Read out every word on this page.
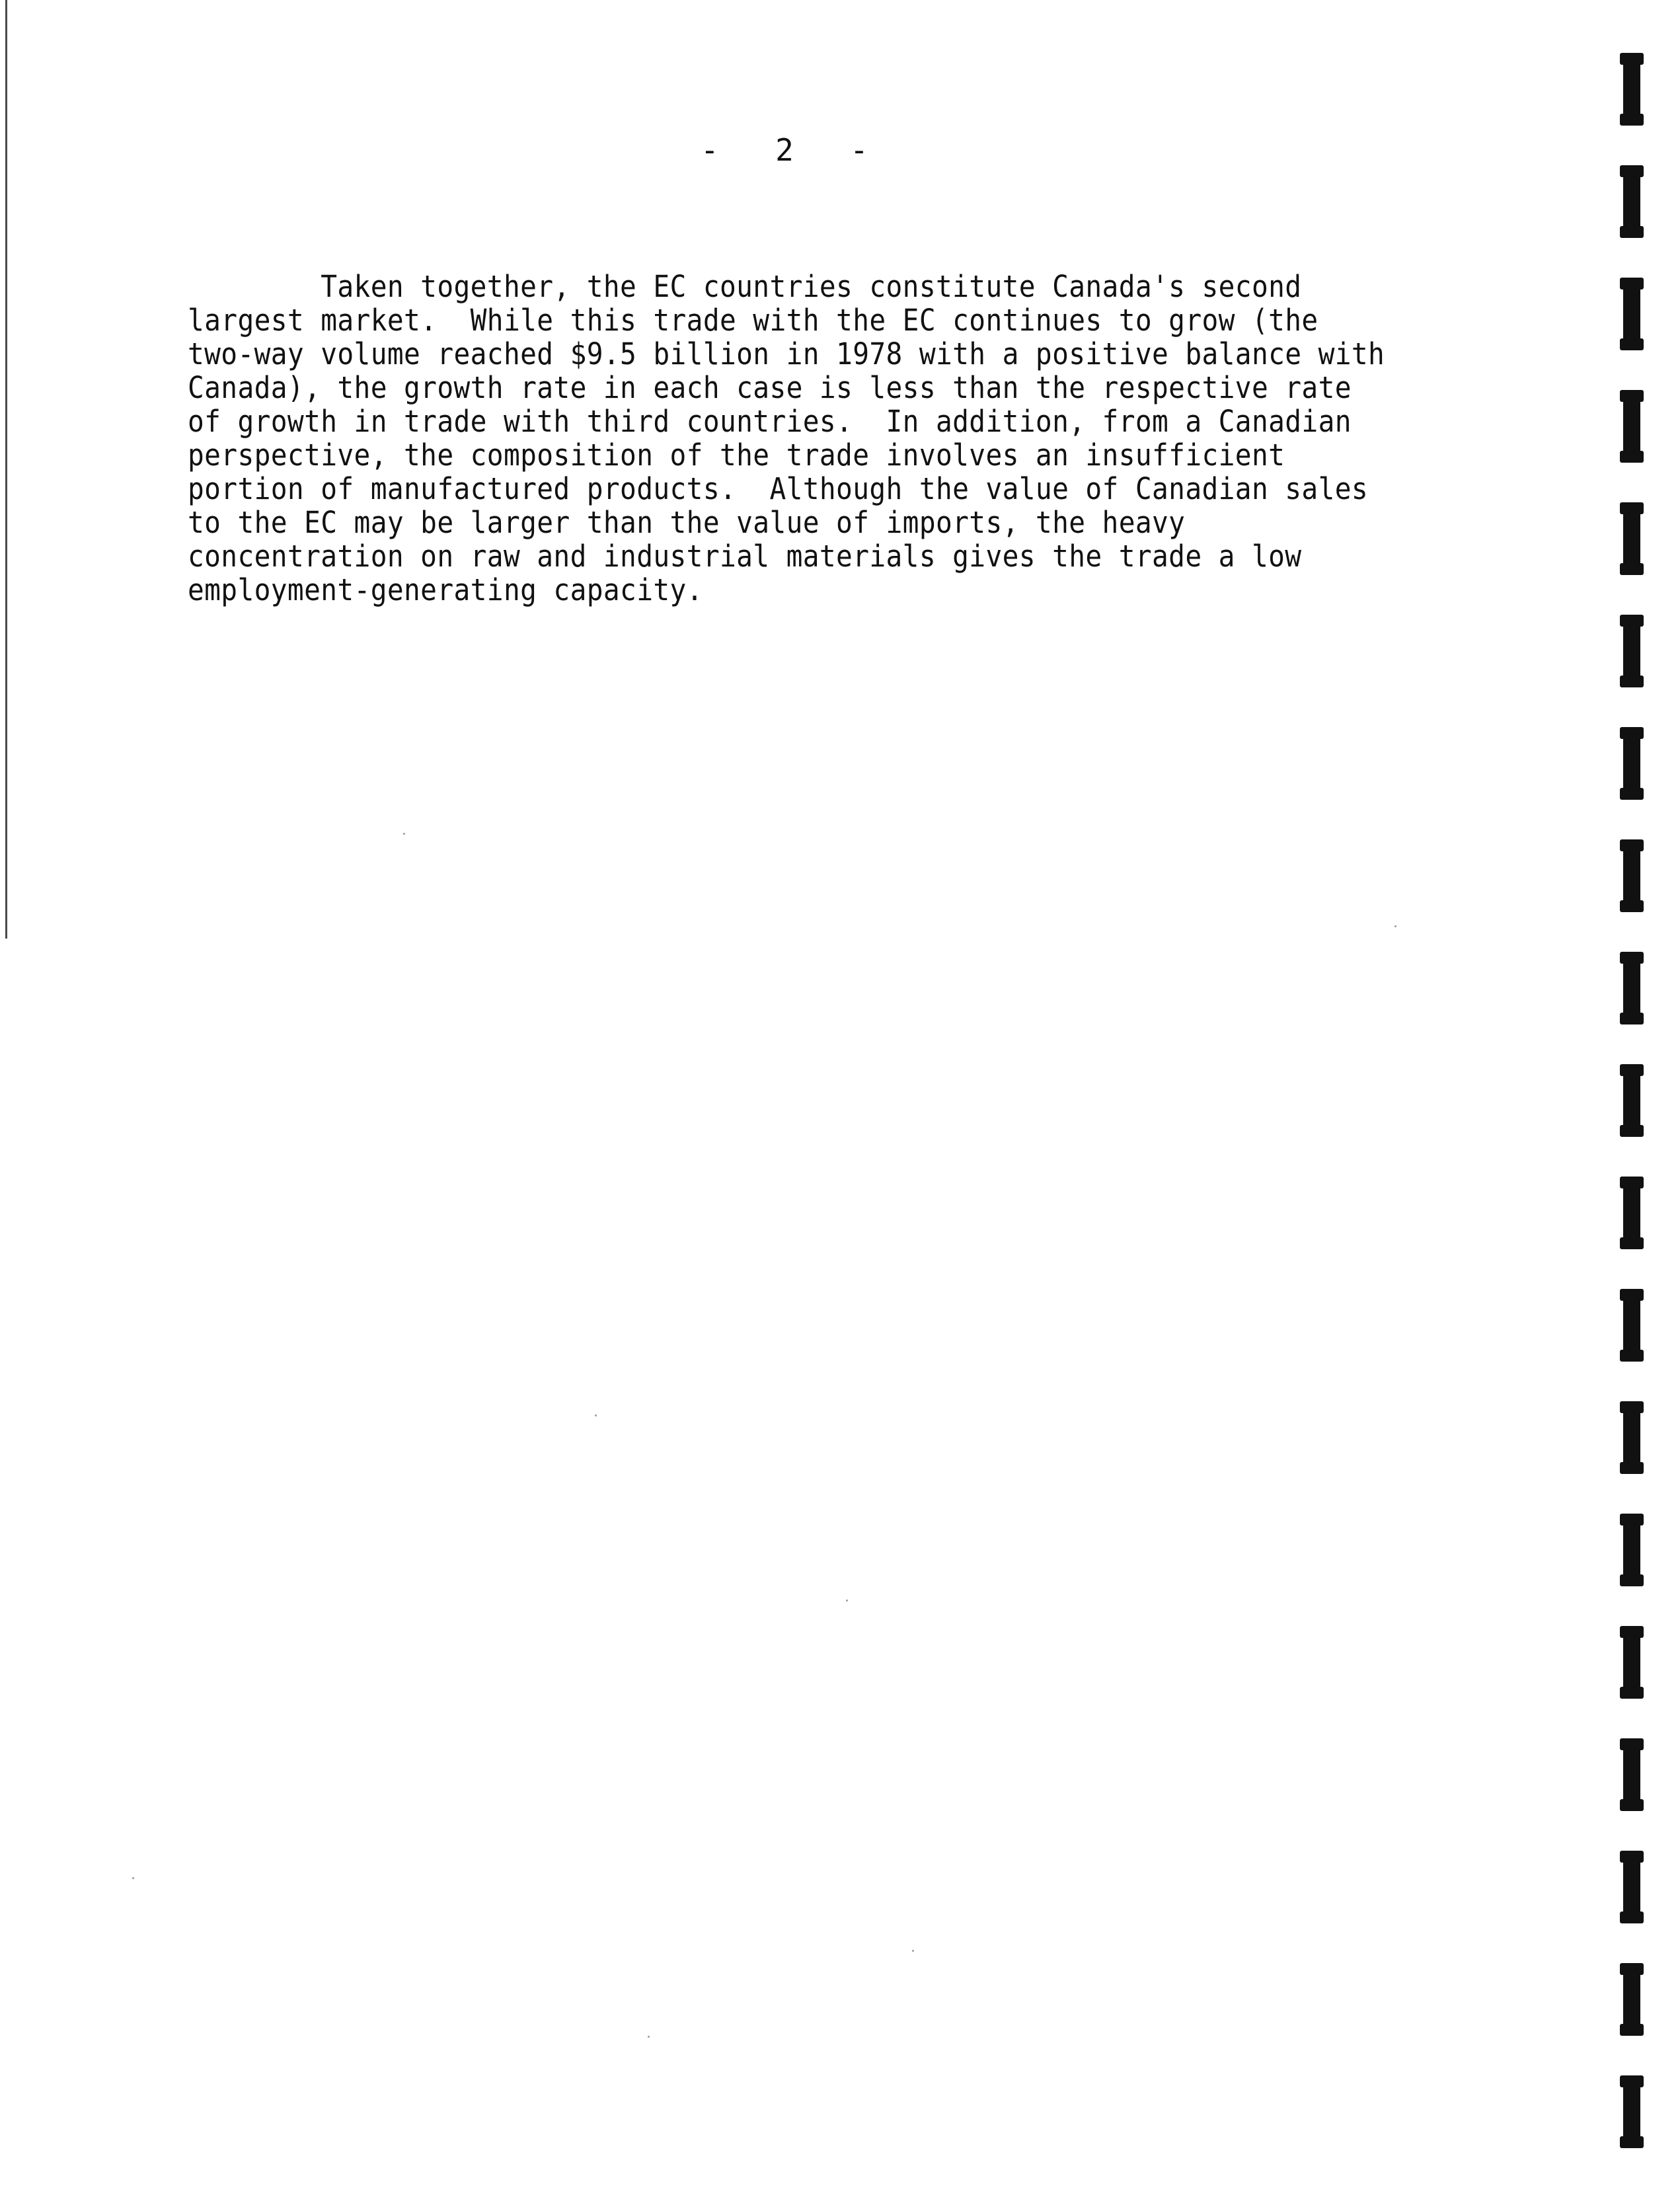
-  2  -
Taken together, the EC countries constitute Canada's second
largest market.  While this trade with the EC continues to grow (the
two-way volume reached $9.5 billion in 1978 with a positive balance with
Canada), the growth rate in each case is less than the respective rate
of growth in trade with third countries.  In addition, from a Canadian
perspective, the composition of the trade involves an insufficient
portion of manufactured products.  Although the value of Canadian sales
to the EC may be larger than the value of imports, the heavy
concentration on raw and industrial materials gives the trade a low
employment-generating capacity.
